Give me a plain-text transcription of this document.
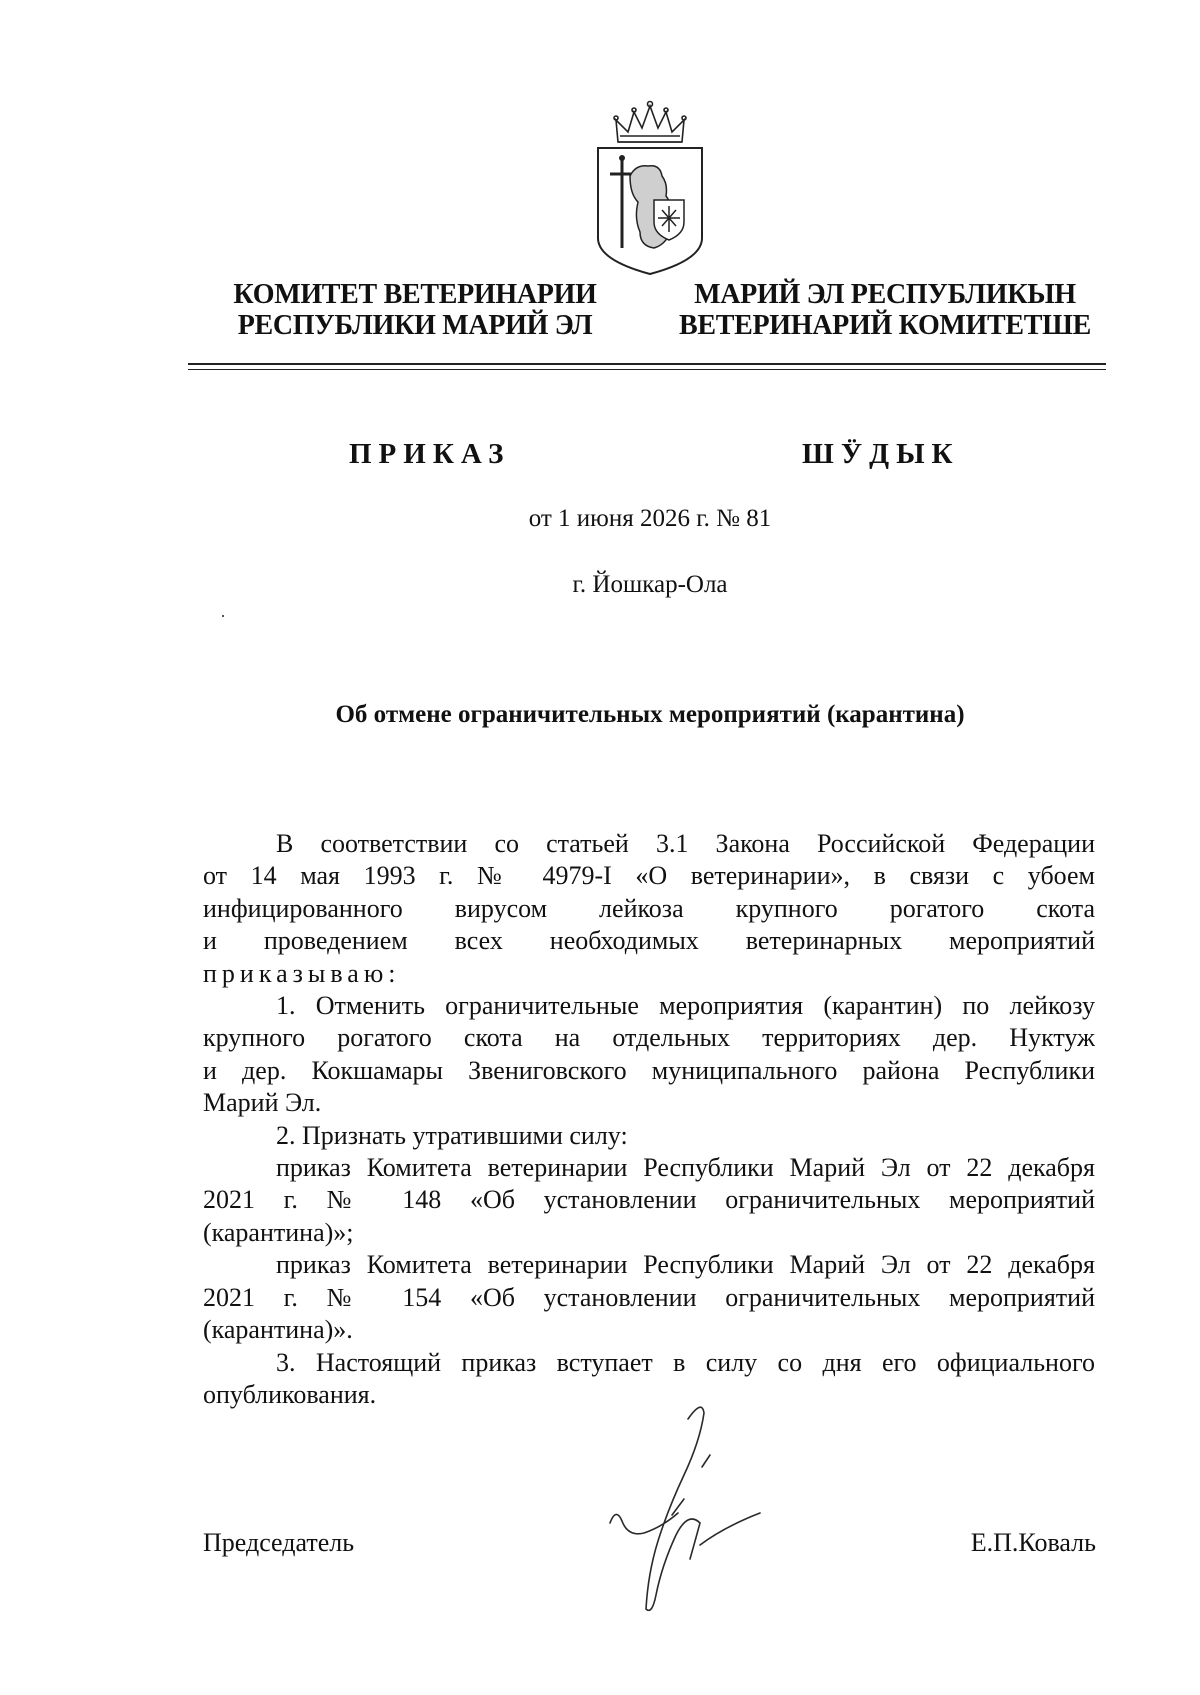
КОМИТЕТ ВЕТЕРИНАРИИ
РЕСПУБЛИКИ МАРИЙ ЭЛ
МАРИЙ ЭЛ РЕСПУБЛИКЫН
ВЕТЕРИНАРИЙ КОМИТЕТШЕ
ПРИКАЗ	ШӰДЫК
от 1 июня 2026 г. № 81
г. Йошкар-Ола
Об отмене ограничительных мероприятий (карантина)

В соответствии со статьей 3.1 Закона Российской Федерации

от 14 мая 1993 г. № 4979-I «О ветеринарии», в связи с убоем

инфицированного вирусом лейкоза крупного рогатого скота

и проведением всех необходимых ветеринарных мероприятий

приказываю:

1. Отменить ограничительные мероприятия (карантин) по лейкозу

крупного рогатого скота на отдельных территориях дер. Нуктуж

и дер. Кокшамары Звениговского муниципального района Республики

Марий Эл.

2. Признать утратившими силу:

приказ Комитета ветеринарии Республики Марий Эл от 22 декабря

2021 г. № 148 «Об установлении ограничительных мероприятий

(карантина)»;

приказ Комитета ветеринарии Республики Марий Эл от 22 декабря

2021 г. № 154 «Об установлении ограничительных мероприятий

(карантина)».

3. Настоящий приказ вступает в силу со дня его официального

опубликования.

Председатель	Е.П.Коваль
